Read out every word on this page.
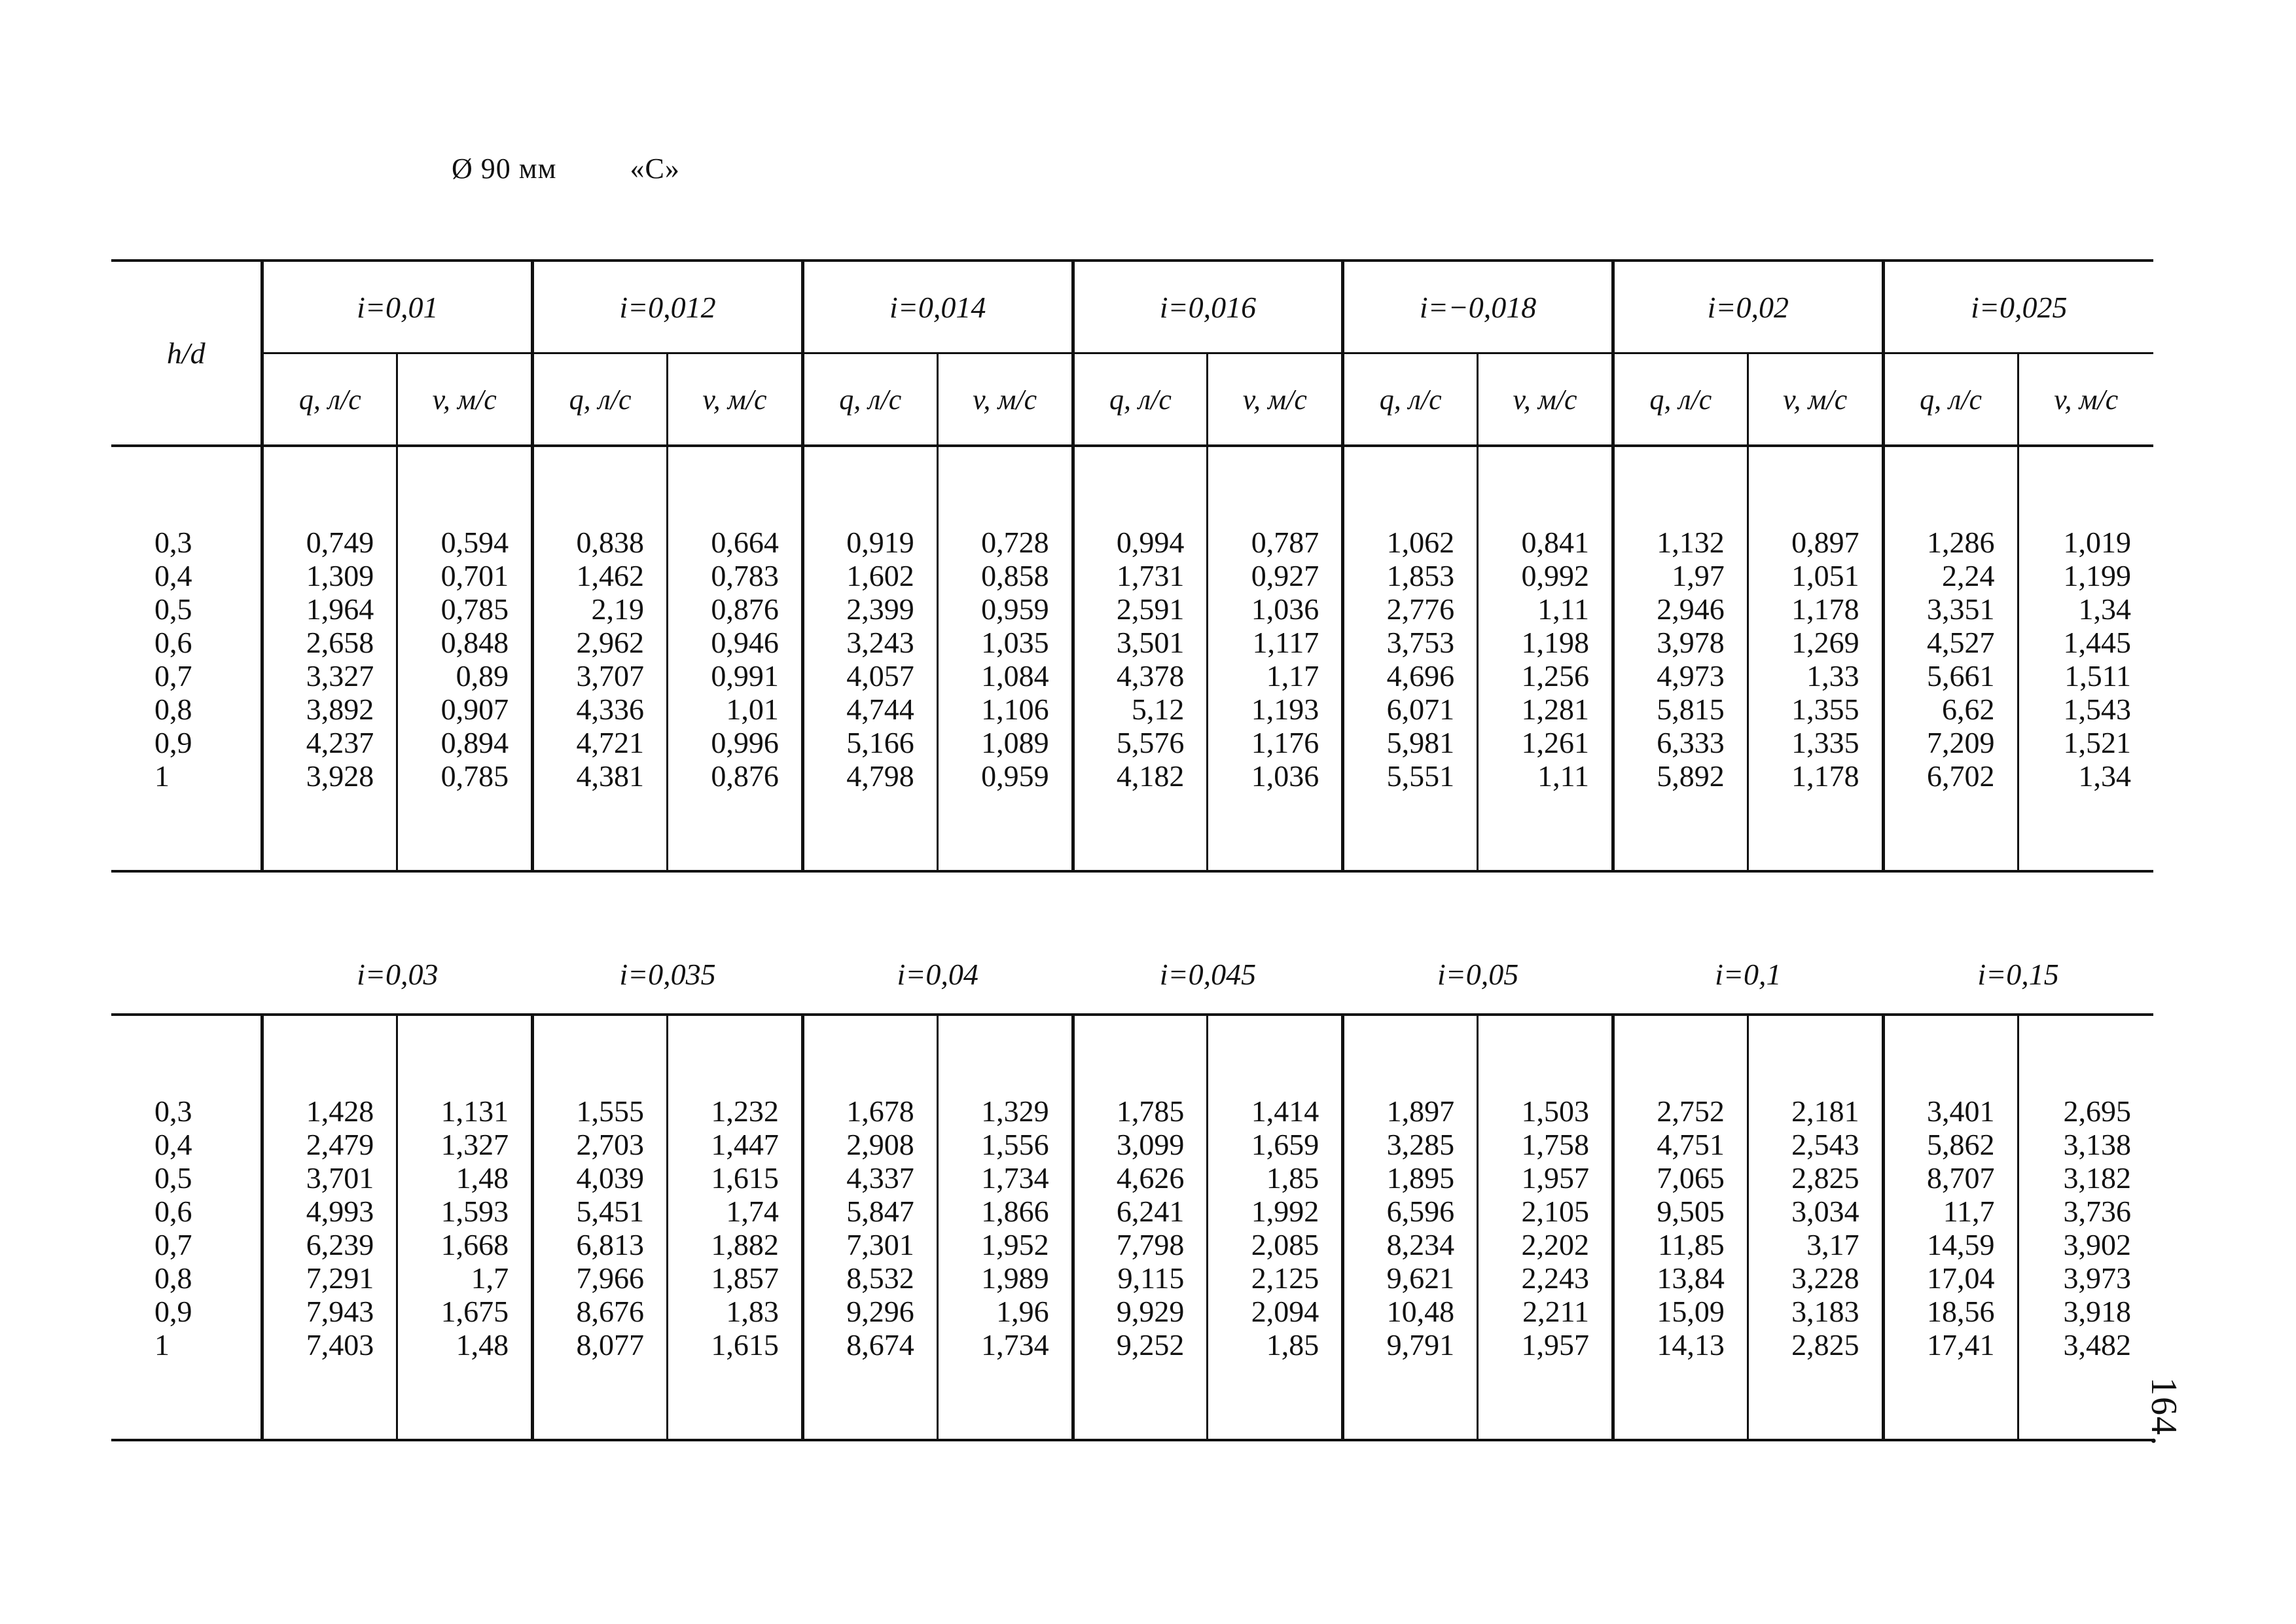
Ø 90 мм	«С»
h/d	i=0,01		i=0,012		i=0,014		i=0,016		i=−0,018		i=0,02		i=0,025	
	q, л/с	v, м/с	q, л/с	v, м/с	q, л/с	v, м/с	q, л/с	v, м/с	q, л/с	v, м/с	q, л/с	v, м/с	q, л/с	v, м/с

0,3	0,749	0,594	0,838	0,664	0,919	0,728	0,994	0,787	1,062	0,841	1,132	0,897	1,286	1,019
0,4	1,309	0,701	1,462	0,783	1,602	0,858	1,731	0,927	1,853	0,992	1,97	1,051	2,24	1,199
0,5	1,964	0,785	2,19	0,876	2,399	0,959	2,591	1,036	2,776	1,11	2,946	1,178	3,351	1,34
0,6	2,658	0,848	2,962	0,946	3,243	1,035	3,501	1,117	3,753	1,198	3,978	1,269	4,527	1,445
0,7	3,327	0,89	3,707	0,991	4,057	1,084	4,378	1,17	4,696	1,256	4,973	1,33	5,661	1,511
0,8	3,892	0,907	4,336	1,01	4,744	1,106	5,12	1,193	6,071	1,281	5,815	1,355	6,62	1,543
0,9	4,237	0,894	4,721	0,996	5,166	1,089	5,576	1,176	5,981	1,261	6,333	1,335	7,209	1,521
1	3,928	0,785	4,381	0,876	4,798	0,959	4,182	1,036	5,551	1,11	5,892	1,178	6,702	1,34

	i=0,03		i=0,035		i=0,04		i=0,045		i=0,05		i=0,1		i=0,15	

0,3	1,428	1,131	1,555	1,232	1,678	1,329	1,785	1,414	1,897	1,503	2,752	2,181	3,401	2,695
0,4	2,479	1,327	2,703	1,447	2,908	1,556	3,099	1,659	3,285	1,758	4,751	2,543	5,862	3,138
0,5	3,701	1,48	4,039	1,615	4,337	1,734	4,626	1,85	1,895	1,957	7,065	2,825	8,707	3,182
0,6	4,993	1,593	5,451	1,74	5,847	1,866	6,241	1,992	6,596	2,105	9,505	3,034	11,7	3,736
0,7	6,239	1,668	6,813	1,882	7,301	1,952	7,798	2,085	8,234	2,202	11,85	3,17	14,59	3,902
0,8	7,291	1,7	7,966	1,857	8,532	1,989	9,115	2,125	9,621	2,243	13,84	3,228	17,04	3,973
0,9	7,943	1,675	8,676	1,83	9,296	1,96	9,929	2,094	10,48	2,211	15,09	3,183	18,56	3,918
1	7,403	1,48	8,077	1,615	8,674	1,734	9,252	1,85	9,791	1,957	14,13	2,825	17,41	3,482

164.
